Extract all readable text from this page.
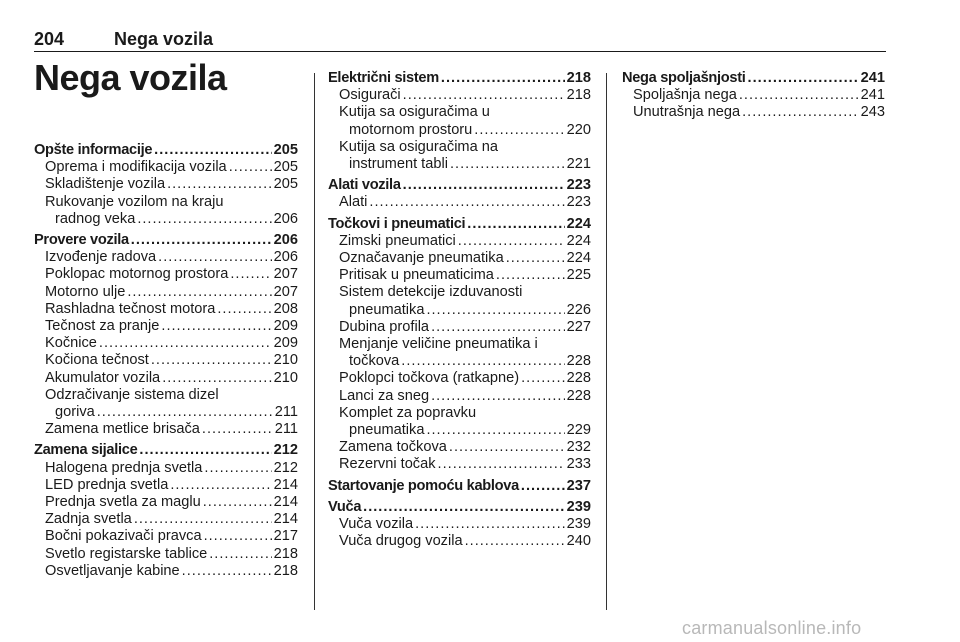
204	Nega vozila
Nega vozila
Opšte informacije .....	205
Oprema i modifikacija vozila .....	205
Skladištenje vozila .....	205
Rukovanje vozilom na kraju
radnog veka .....	206
Provere vozila .....	206
Izvođenje radova .....	206
Poklopac motornog prostora .....	207
Motorno ulje .....	207
Rashladna tečnost motora .....	208
Tečnost za pranje .....	209
Kočnice .....	209
Kočiona tečnost .....	210
Akumulator vozila .....	210
Odzračivanje sistema dizel
goriva .....	211
Zamena metlice brisača .....	211
Zamena sijalice .....	212
Halogena prednja svetla .....	212
LED prednja svetla .....	214
Prednja svetla za maglu .....	214
Zadnja svetla .....	214
Bočni pokazivači pravca .....	217
Svetlo registarske tablice .....	218
Osvetljavanje kabine .....	218
Električni sistem .....	218
Osigurači .....	218
Kutija sa osiguračima u
motornom prostoru .....	220
Kutija sa osiguračima na
instrument tabli .....	221
Alati vozila .....	223
Alati .....	223
Točkovi i pneumatici .....	224
Zimski pneumatici .....	224
Označavanje pneumatika .....	224
Pritisak u pneumaticima .....	225
Sistem detekcije izduvanosti
pneumatika .....	226
Dubina profila .....	227
Menjanje veličine pneumatika i
točkova .....	228
Poklopci točkova (ratkapne) .....	228
Lanci za sneg .....	228
Komplet za popravku
pneumatika .....	229
Zamena točkova .....	232
Rezervni točak .....	233
Startovanje pomoću kablova .....	237
Vuča .....	239
Vuča vozila .....	239
Vuča drugog vozila .....	240
Nega spoljašnjosti .....	241
Spoljašnja nega .....	241
Unutrašnja nega .....	243
carmanualsonline.info
